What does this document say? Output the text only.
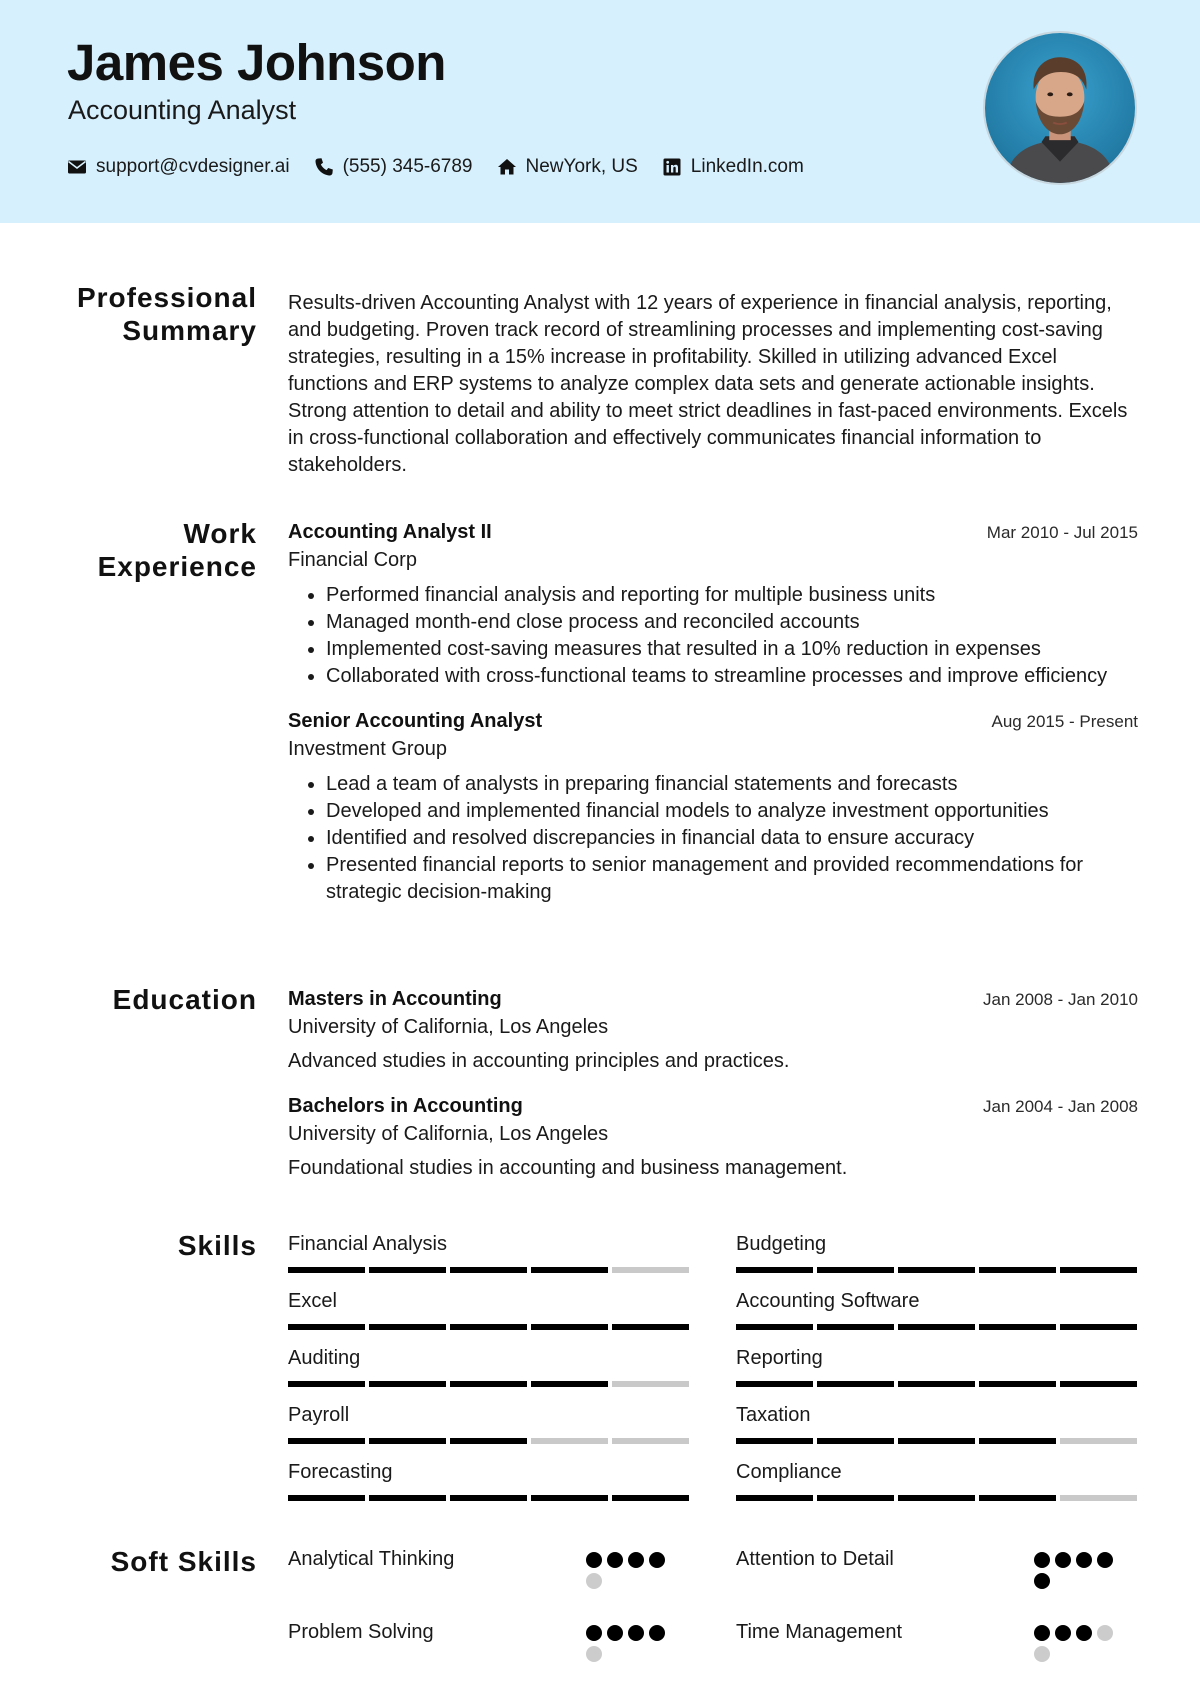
James Johnson
Accounting Analyst
support@cvdesigner.ai	(555) 345-6789	NewYork, US	LinkedIn.com
Professional
Summary

Results-driven Accounting Analyst with 12 years of experience in financial analysis, reporting, and budgeting. Proven track record of streamlining processes and implementing cost-saving strategies, resulting in a 15% increase in profitability. Skilled in utilizing advanced Excel functions and ERP systems to analyze complex data sets and generate actionable insights. Strong attention to detail and ability to meet strict deadlines in fast-paced environments. Excels in cross-functional collaboration and effectively communicates financial information to stakeholders.

Work
Experience
Accounting Analyst II	Mar 2010 - Jul 2015
Financial Corp
• Performed financial analysis and reporting for multiple business units
• Managed month-end close process and reconciled accounts
• Implemented cost-saving measures that resulted in a 10% reduction in expenses
• Collaborated with cross-functional teams to streamline processes and improve efficiency
Senior Accounting Analyst	Aug 2015 - Present
Investment Group
• Lead a team of analysts in preparing financial statements and forecasts
• Developed and implemented financial models to analyze investment opportunities
• Identified and resolved discrepancies in financial data to ensure accuracy
• Presented financial reports to senior management and provided recommendations for strategic decision-making
Education Masters in Accounting	Jan 2008 - Jan 2010
University of California, Los Angeles
Advanced studies in accounting principles and practices.
Bachelors in Accounting	Jan 2004 - Jan 2008
University of California, Los Angeles
Foundational studies in accounting and business management.
Skills Financial Analysis	Budgeting
Excel	Accounting Software
Auditing	Reporting
Payroll	Taxation
Forecasting	Compliance
Soft Skills Analytical Thinking	Attention to Detail
Problem Solving	Time Management
